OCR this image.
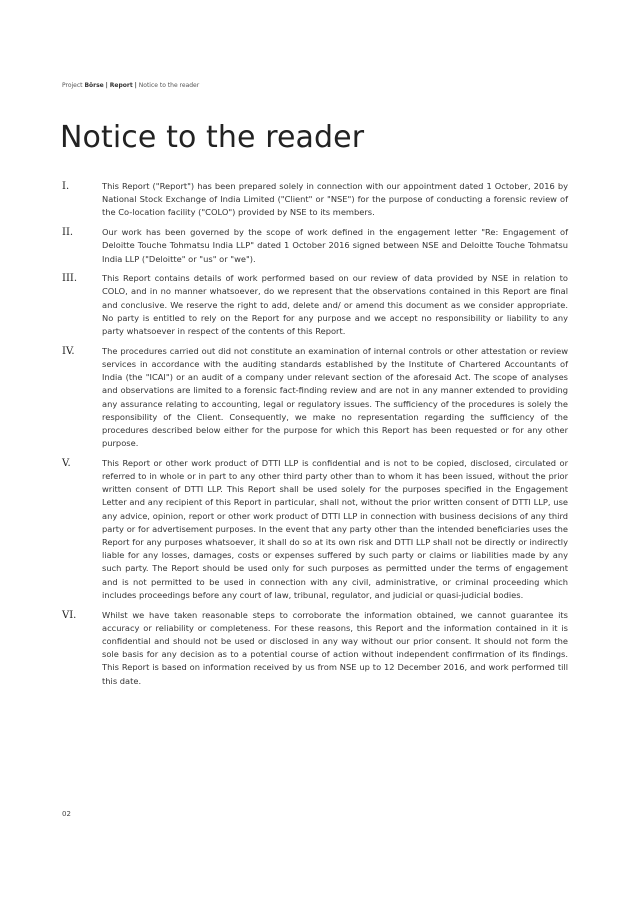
Project Börse | Report | Notice to the reader
Notice to the reader
I.	This Report ("Report") has been prepared solely in connection with our appointment dated 1 October, 2016 by National Stock Exchange of India Limited ("Client" or "NSE") for the purpose of conducting a forensic review of the Co-location facility ("COLO") provided by NSE to its members.
II.	Our work has been governed by the scope of work defined in the engagement letter "Re: Engagement of Deloitte Touche Tohmatsu India LLP" dated 1 October 2016 signed between NSE and Deloitte Touche Tohmatsu India LLP ("Deloitte" or "us" or "we").
III.	This Report contains details of work performed based on our review of data provided by NSE in relation to COLO, and in no manner whatsoever, do we represent that the observations contained in this Report are final and conclusive. We reserve the right to add, delete and/ or amend this document as we consider appropriate. No party is entitled to rely on the Report for any purpose and we accept no responsibility or liability to any party whatsoever in respect of the contents of this Report.
IV.	The procedures carried out did not constitute an examination of internal controls or other attestation or review services in accordance with the auditing standards established by the Institute of Chartered Accountants of India (the "ICAI") or an audit of a company under relevant section of the aforesaid Act. The scope of analyses and observations are limited to a forensic fact-finding review and are not in any manner extended to providing any assurance relating to accounting, legal or regulatory issues. The sufficiency of the procedures is solely the responsibility of the Client. Consequently, we make no representation regarding the sufficiency of the procedures described below either for the purpose for which this Report has been requested or for any other purpose.
V.	This Report or other work product of DTTI LLP is confidential and is not to be copied, disclosed, circulated or referred to in whole or in part to any other third party other than to whom it has been issued, without the prior written consent of DTTI LLP. This Report shall be used solely for the purposes specified in the Engagement Letter and any recipient of this Report in particular, shall not, without the prior written consent of DTTI LLP, use any advice, opinion, report or other work product of DTTI LLP in connection with business decisions of any third party or for advertisement purposes. In the event that any party other than the intended beneficiaries uses the Report for any purposes whatsoever, it shall do so at its own risk and DTTI LLP shall not be directly or indirectly liable for any losses, damages, costs or expenses suffered by such party or claims or liabilities made by any such party. The Report should be used only for such purposes as permitted under the terms of engagement and is not permitted to be used in connection with any civil, administrative, or criminal proceeding which includes proceedings before any court of law, tribunal, regulator, and judicial or quasi-judicial bodies.
VI.	Whilst we have taken reasonable steps to corroborate the information obtained, we cannot guarantee its accuracy or reliability or completeness. For these reasons, this Report and the information contained in it is confidential and should not be used or disclosed in any way without our prior consent. It should not form the sole basis for any decision as to a potential course of action without independent confirmation of its findings. This Report is based on information received by us from NSE up to 12 December 2016, and work performed till this date.
02
